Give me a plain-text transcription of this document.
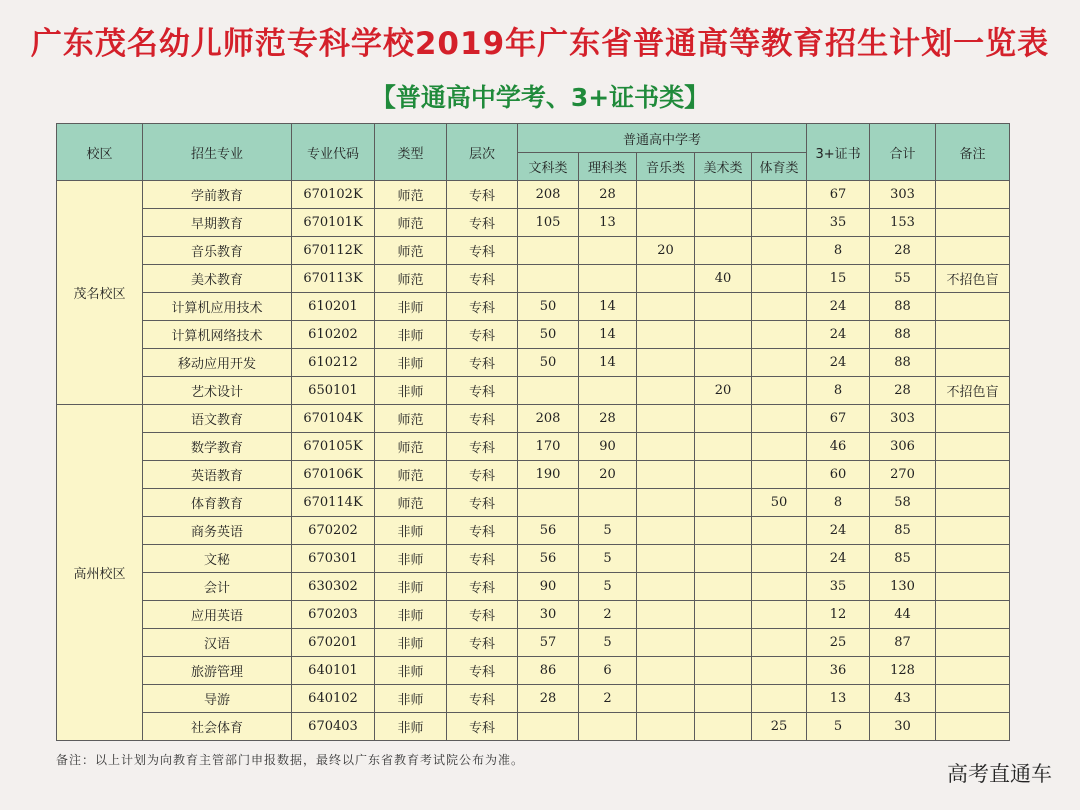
广东茂名幼儿师范专科学校2019年广东省普通高等教育招生计划一览表
【普通高中学考、3+证书类】
校区	招生专业	专业代码	类型	层次	普通高中学考					3+证书	合计	备注
					文科类	理科类	音乐类	美术类	体育类			
茂名校区	学前教育	670102K	师范	专科	208	28				67	303	
	早期教育	670101K	师范	专科	105	13				35	153	
	音乐教育	670112K	师范	专科			20			8	28	
	美术教育	670113K	师范	专科				40		15	55	不招色盲
	计算机应用技术	610201	非师	专科	50	14				24	88	
	计算机网络技术	610202	非师	专科	50	14				24	88	
	移动应用开发	610212	非师	专科	50	14				24	88	
	艺术设计	650101	非师	专科				20		8	28	不招色盲
高州校区	语文教育	670104K	师范	专科	208	28				67	303	
	数学教育	670105K	师范	专科	170	90				46	306	
	英语教育	670106K	师范	专科	190	20				60	270	
	体育教育	670114K	师范	专科					50	8	58	
	商务英语	670202	非师	专科	56	5				24	85	
	文秘	670301	非师	专科	56	5				24	85	
	会计	630302	非师	专科	90	5				35	130	
	应用英语	670203	非师	专科	30	2				12	44	
	汉语	670201	非师	专科	57	5				25	87	
	旅游管理	640101	非师	专科	86	6				36	128	
	导游	640102	非师	专科	28	2				13	43	
	社会体育	670403	非师	专科					25	5	30	
备注：以上计划为向教育主管部门申报数据，最终以广东省教育考试院公布为准。
高考直通车
